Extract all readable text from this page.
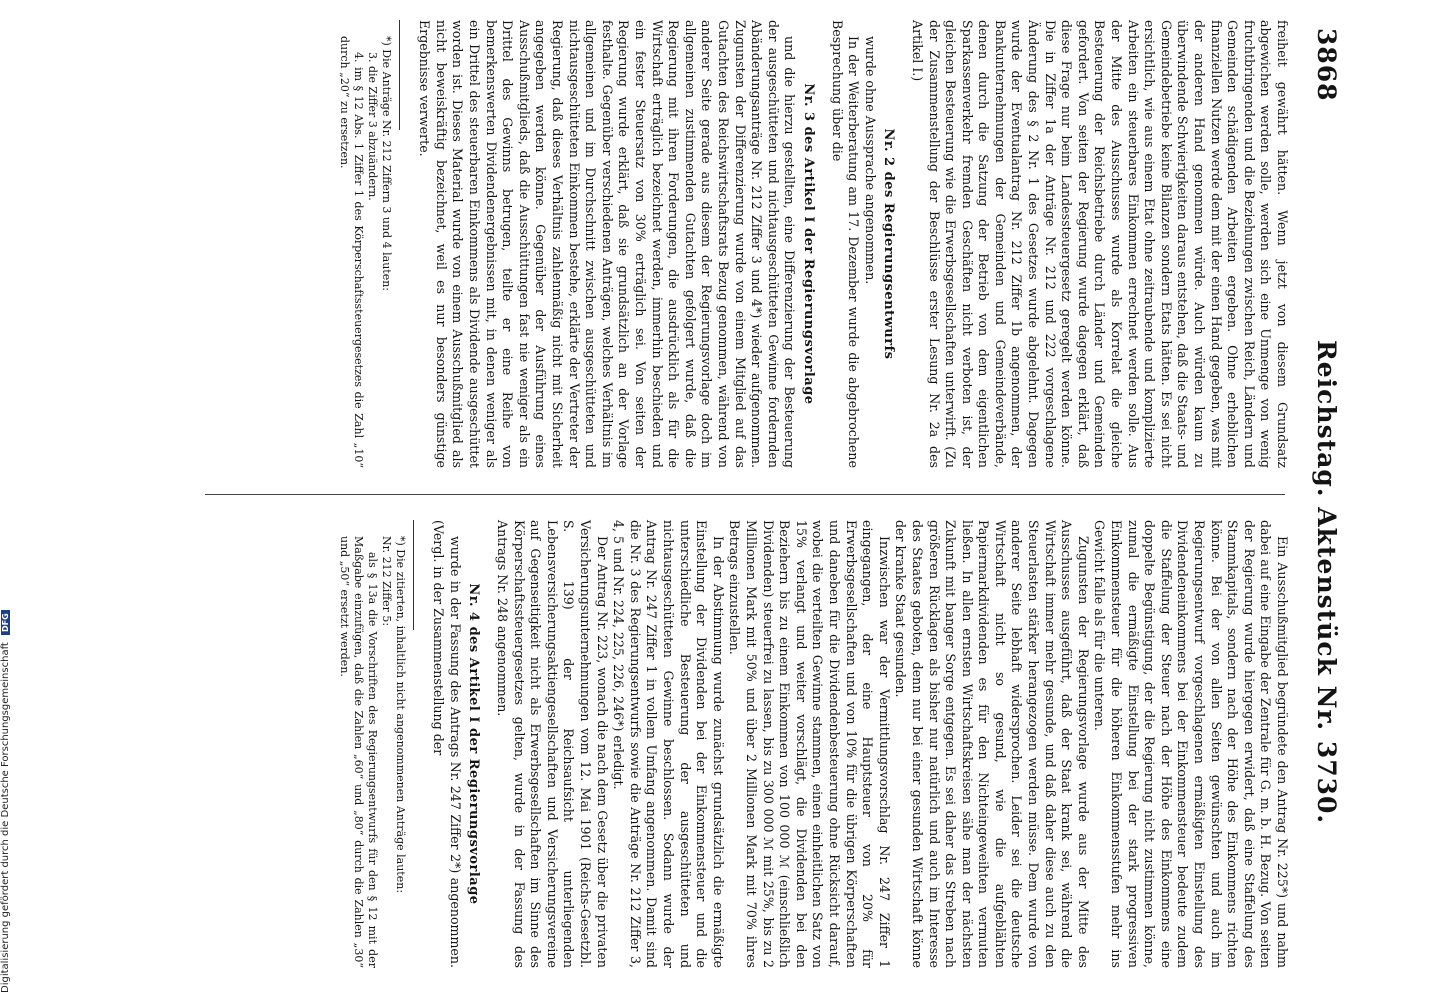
3868
Reichstag. Aktenstück Nr. 3730.

freiheit gewährt hätten. Wenn jetzt von diesem Grundsatz abgewichen werden solle, werden sich eine Unmenge von wenig fruchtbringenden und die Beziehungen zwischen Reich, Ländern und Gemeinden schädigenden Arbeiten ergeben. Ohne erheblichen finanziellen Nutzen werde dem mit der einen Hand gegeben, was mit der anderen Hand genommen würde. Auch würden kaum zu überwindende Schwierigkeiten daraus entstehen, daß die Staats- und Gemeindebetriebe keine Bilanzen sondern Etats hätten. Es sei nicht ersichtlich, wie aus einem Etat ohne zeitraubende und komplizierte Arbeiten ein steuerbares Einkommen errechnet werden solle. Aus der Mitte des Ausschusses wurde als Korrelat die gleiche Besteuerung der Reichsbetriebe durch Länder und Gemeinden gefordert. Von seiten der Regierung wurde dagegen erklärt, daß diese Frage nur beim Landessteuergesetz geregelt werden könne. Die in Ziffer 1a der Anträge Nr. 212 und 222 vorgeschlagene Änderung des § 2 Nr. 1 des Gesetzes wurde abgelehnt. Dagegen wurde der Eventualantrag Nr. 212 Ziffer 1b angenommen, der Bankunternehmungen der Gemeinden und Gemeindeverbände, denen durch die Satzung der Betrieb von dem eigentlichen Sparkassenverkehr fremden Geschäften nicht verboten ist, der gleichen Besteuerung wie die Erwerbsgesellschaften unterwirft. (Zu der Zusammenstellung der Beschlüsse erster Lesung Nr. 2a des Artikel I.)

Nr. 2 des Regierungsentwurfs

wurde ohne Aussprache angenommen.

In der Weiterberatung am 17. Dezember wurde die abgebrochene Besprechung über die

Nr. 3 des Artikel I der Regierungsvorlage

und die hierzu gestellten, eine Differenzierung der Besteuerung der ausgeschütteten und nichtausgeschütteten Gewinne fordernden Abänderungsanträge Nr. 212 Ziffer 3 und 4*) wieder aufgenommen. Zugunsten der Differenzierung wurde von einem Mitglied auf das Gutachten des Reichswirtschaftsrats Bezug genommen, während von anderer Seite gerade aus diesem der Regierungsvorlage doch im allgemeinen zustimmenden Gutachten gefolgert wurde, daß die Regierung mit ihren Forderungen, die ausdrücklich als für die Wirtschaft erträglich bezeichnet werden, immerhin beschieden und ein fester Steuersatz von 30% erträglich sei. Von seiten der Regierung wurde erklärt, daß sie grundsätzlich an der Vorlage festhalte. Gegenüber verschiedenen Anträgen, welches Verhältnis im allgemeinen und im Durchschnitt zwischen ausgeschütteten und nichtausgeschütteten Einkommen bestehe, erklärte der Vertreter der Regierung, daß dieses Verhältnis zahlenmäßig nicht mit Sicherheit angegeben werden könne. Gegenüber der Ausführung eines Ausschußmitglieds, daß die Ausschüttungen fast nie weniger als ein Drittel des Gewinns betrugen, teilte er eine Reihe von bemerkenswerten Dividendenergebnissen mit, in denen weniger als ein Drittel des steuerbaren Einkommens als Dividende ausgeschüttet worden ist. Dieses Material wurde von einem Ausschußmitglied als nicht beweiskräftig bezeichnet, weil es nur besonders günstige Ergebnisse verwerte.

*) Die Anträge Nr. 212 Ziffern 3 und 4 lauten:

3. die Ziffer 3 abzuändern.

4. im § 12 Abs. 1 Ziffer 1 des Körperschaftssteuergesetzes die Zahl „10“ durch „20“ zu ersetzen.

Ein Ausschußmitglied begründete den Antrag Nr. 225*) und nahm dabei auf eine Eingabe der Zentrale für G. m. b. H. Bezug. Von seiten der Regierung wurde hiergegen erwidert, daß eine Staffelung des Stammkapitals, sondern nach der Höhe des Einkommens richten könne. Bei der von allen Seiten gewünschten und auch im Regierungsentwurf vorgeschlagenen ermäßigten Einstellung des Dividendeneinkommens bei der Einkommensteuer bedeute zudem die Staffelung der Steuer nach der Höhe des Einkommens eine doppelte Begünstigung, der die Regierung nicht zustimmen könne, zumal die ermäßigte Einstellung bei der stark progressiven Einkommensteuer für die höheren Einkommensstufen mehr ins Gewicht falle als für die unteren.

Zugunsten der Regierungsvorlage wurde aus der Mitte des Ausschusses ausgeführt, daß der Staat krank sei, während die Wirtschaft immer mehr gesunde, und daß daher diese auch zu den Steuerlasten stärker herangezogen werden müsse. Dem wurde von anderer Seite lebhaft widersprochen. Leider sei die deutsche Wirtschaft nicht so gesund, wie die aufgeblähten Papiermarkdividenden es für den Nichteingeweihten vermuten ließen. In allen ernsten Wirtschaftskreisen sähe man der nächsten Zukunft mit banger Sorge entgegen. Es sei daher das Streben nach größeren Rücklagen als bisher nur natürlich und auch im Interesse des Staates geboten, denn nur bei einer gesunden Wirtschaft könne der kranke Staat gesunden.

Inzwischen war der Vermittlungsvorschlag Nr. 247 Ziffer 1 eingegangen, der eine Hauptsteuer von 20% für Erwerbsgesellschaften und von 10% für die übrigen Körperschaften und daneben für die Dividendenbesteuerung ohne Rücksicht darauf, wobei die verteilten Gewinne stammen, einen einheitlichen Satz von 15% verlangt und weiter vorschlägt, die Dividenden bei den Beziehern bis zu einem Einkommen von 100 000 ℳ (einschließlich Dividenden) steuerfrei zu lassen, bis zu 300 000 ℳ mit 25%, bis zu 2 Millionen Mark mit 50% und über 2 Millionen Mark mit 70% ihres Betrags einzustellen.

In der Abstimmung wurde zunächst grundsätzlich die ermäßigte Einstellung der Dividenden bei der Einkommensteuer und die unterschiedliche Besteuerung der ausgeschütteten und nichtausgeschütteten Gewinne beschlossen. Sodann wurde der Antrag Nr. 247 Ziffer 1 in vollem Umfang angenommen. Damit sind die Nr. 3 des Regierungsentwurfs sowie die Anträge Nr. 212 Ziffer 3, 4, 5 und Nr. 224, 225, 226, 246*) erledigt.

Der Antrag Nr. 223, wonach die nach dem Gesetz über die privaten Versicherungsunternehmungen vom 12. Mai 1901 (Reichs-Gesetzbl. S. 139) der Reichsaufsicht unterliegenden Lebensversicherungsaktiengesellschaften und Versicherungsvereine auf Gegenseitigkeit nicht als Erwerbsgesellschaften im Sinne des Körperschaftssteuergesetzes gelten, wurde in der Fassung des Antrags Nr. 248 angenommen.

Nr. 4 des Artikel I der Regierungsvorlage

wurde in der Fassung des Antrags Nr. 247 Ziffer 2*) angenommen. (Vergl. in der Zusammenstellung der

*) Die zitierten, inhaltlich nicht angenommenen Anträge lauten:

Nr. 212 Ziffer 5:

als § 13a die Vorschriften des Regierungsentwurfs für den § 12 mit der Maßgabe einzufügen, daß die Zahlen „60“ und „80“ durch die Zahlen „30“ und „50“ ersetzt werden.

Digitalisierung gefördert durch die Deutsche Forschungsgemeinschaft DFG
